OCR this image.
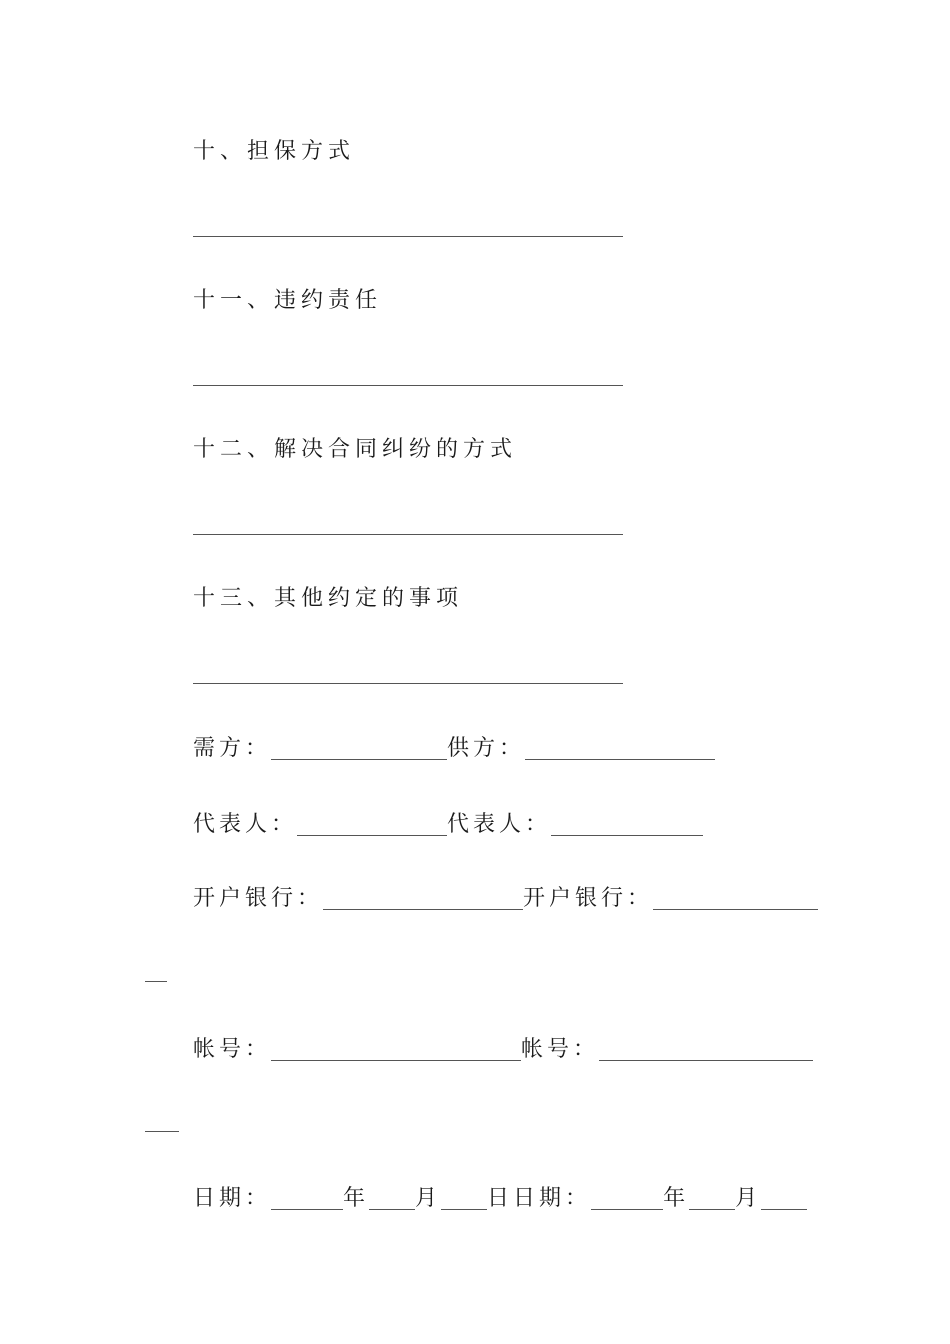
十、担保方式
十一、违约责任
十二、解决合同纠纷的方式
十三、其他约定的事项
需方：	供方：
代表人：	代表人：
开户银行：	开户银行：
帐号：	帐号：
日期：	年 月 日日期：	年 月
